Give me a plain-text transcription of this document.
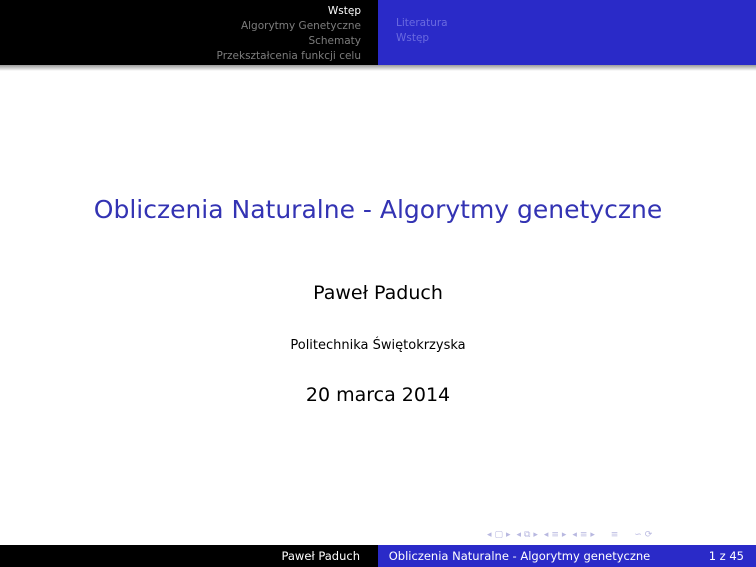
Wstęp
Algorytmy Genetyczne
Schematy
Przekształcenia funkcji celu
Literatura
Wstęp
Obliczenia Naturalne - Algorytmy genetyczne
Paweł Paduch
Politechnika Świętokrzyska
20 marca 2014
◂ ▢ ▸ ◂ ⧉ ▸ ◂ ≡ ▸ ◂ ≡ ▸ ≡ ∽ ⟳
Paweł Paduch	Obliczenia Naturalne - Algorytmy genetyczne	1 z 45
